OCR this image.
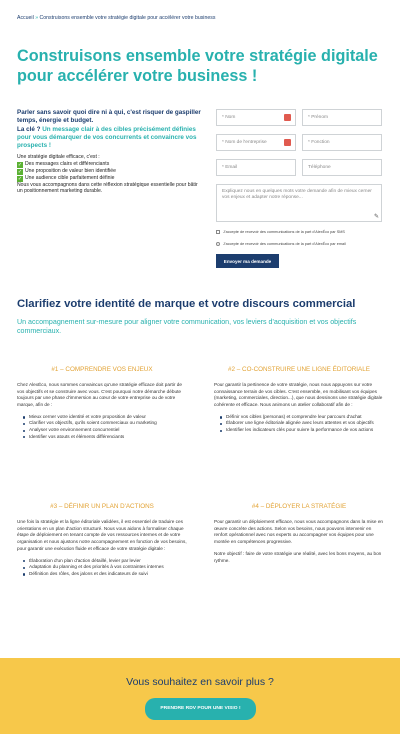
Accueil » Construisons ensemble votre stratégie digitale pour accélérer votre business
Construisons ensemble votre stratégie digitale pour accélérer votre business !
Parler sans savoir quoi dire ni à qui, c'est risquer de gaspiller temps, énergie et budget.
La clé ? Un message clair à des cibles précisément définies pour vous démarquer de vos concurrents et convaincre vos prospects !
Une stratégie digitale efficace, c'est :
✓ Des messages clairs et différenciants
✓ Une proposition de valeur bien identifiée
✓ Une audience cible parfaitement définie
Nous vous accompagnons dans cette réflexion stratégique essentielle pour bâtir un positionnement marketing durable.
* Nom	* Prénom
* Nom de l'entreprise	* Fonction
* Email	Téléphone
Expliquez nous en quelques mots votre demande afin de mieux cerner vos enjeux et adapter notre réponse...
✎
J'accepte de recevoir des communications de la part d'AlexÉco par SMS
J'accepte de recevoir des communications de la part d'AlexÉco par email
Envoyer ma demande
Clarifiez votre identité de marque et votre discours commercial
Un accompagnement sur-mesure pour aligner votre communication, vos leviers d'acquisition et vos objectifs commerciaux.
#1 – COMPRENDRE VOS ENJEUX

Chez AlexÉco, nous sommes convaincus qu'une stratégie efficace doit partir de vos objectifs et se construire avec vous. C'est pourquoi notre démarche débute toujours par une phase d'immersion au cœur de votre entreprise ou de votre marque, afin de :

Mieux cerner votre identité et votre proposition de valeur
Clarifier vos objectifs, qu'ils soient commerciaux ou marketing
Analyser votre environnement concurrentiel
Identifier vos atouts et éléments différenciants
#2 – CO-CONSTRUIRE UNE LIGNE ÉDITORIALE

Pour garantir la pertinence de votre stratégie, nous nous appuyons sur votre connaissance terrain de vos cibles. C'est ensemble, en mobilisant vos équipes (marketing, commerciales, direction...), que nous dessinons une stratégie digitale cohérente et efficace. Nous animons un atelier collaboratif afin de :

Définir vos cibles (personas) et comprendre leur parcours d'achat
Élaborer une ligne éditoriale alignée avec leurs attentes et vos objectifs
Identifier les indicateurs clés pour suivre la performance de vos actions
#3 – DÉFINIR UN PLAN D'ACTIONS

Une fois la stratégie et la ligne éditoriale validées, il est essentiel de traduire ces orientations en un plan d'action structuré. Nous vous aidons à formaliser chaque étape de déploiement en tenant compte de vos ressources internes et de votre organisation et nous ajustons notre accompagnement en fonction de vos besoins, pour garantir une exécution fluide et efficace de votre stratégie digitale :

Élaboration d'un plan d'action détaillé, levier par levier
Adaptation du planning et des priorités à vos contraintes internes
Définition des rôles, des jalons et des indicateurs de suivi
#4 – DÉPLOYER LA STRATÉGIE

Pour garantir un déploiement efficace, nous vous accompagnons dans la mise en œuvre concrète des actions. Selon vos besoins, nous pouvons intervenir en renfort opérationnel avec nos experts ou accompagner vos équipes pour une montée en compétences progressive.

Notre objectif : faire de votre stratégie une réalité, avec les bons moyens, au bon rythme.

Vous souhaitez en savoir plus ?
PRENDRE RDV POUR UNE VISIO !
